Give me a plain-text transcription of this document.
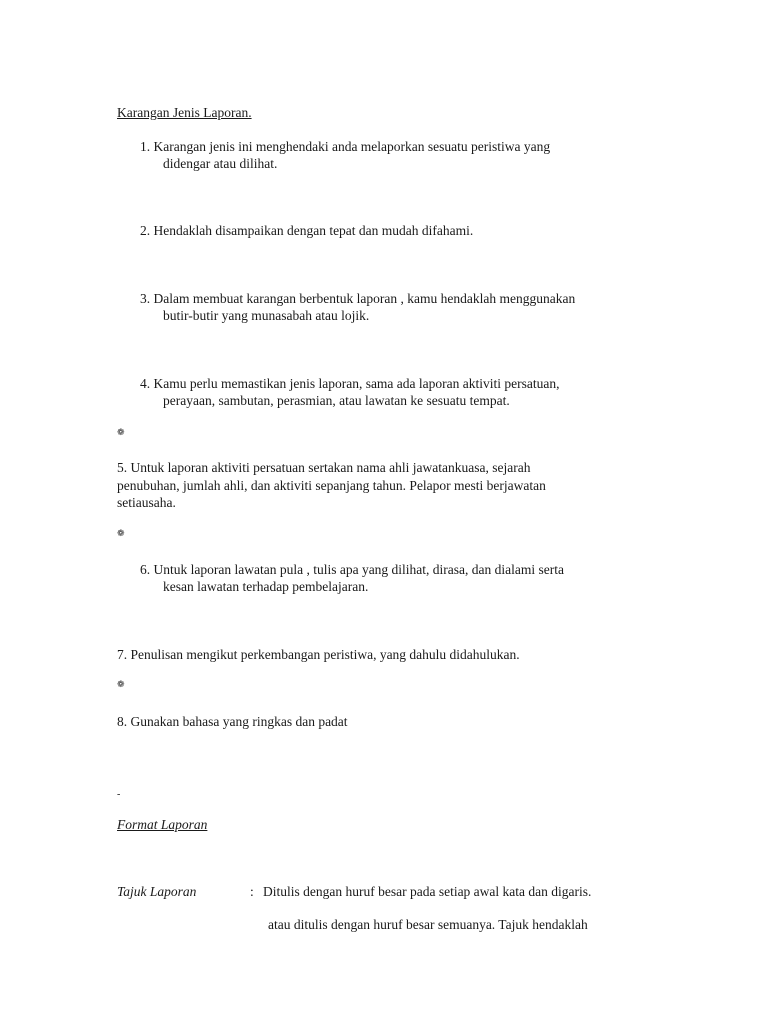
Karangan Jenis Laporan.
1. Karangan jenis ini menghendaki anda melaporkan sesuatu peristiwa yang
didengar atau dilihat.
2. Hendaklah disampaikan dengan tepat dan mudah difahami.
3. Dalam membuat karangan berbentuk laporan , kamu hendaklah menggunakan
butir-butir yang munasabah atau lojik.
4. Kamu perlu memastikan jenis laporan, sama ada laporan aktiviti persatuan,
perayaan, sambutan, perasmian, atau lawatan ke sesuatu tempat.
❁
5. Untuk laporan aktiviti persatuan sertakan nama ahli jawatankuasa, sejarah
penubuhan, jumlah ahli, dan aktiviti sepanjang tahun. Pelapor mesti berjawatan
setiausaha.
❁
6. Untuk laporan lawatan pula , tulis apa yang dilihat, dirasa, dan dialami serta
kesan lawatan terhadap pembelajaran.
7. Penulisan mengikut perkembangan peristiwa, yang dahulu didahulukan.
❁
8. Gunakan bahasa yang ringkas dan padat
-
Format Laporan
Tajuk Laporan	: Ditulis dengan huruf besar pada setiap awal kata dan digaris.
atau ditulis dengan huruf besar semuanya. Tajuk hendaklah
